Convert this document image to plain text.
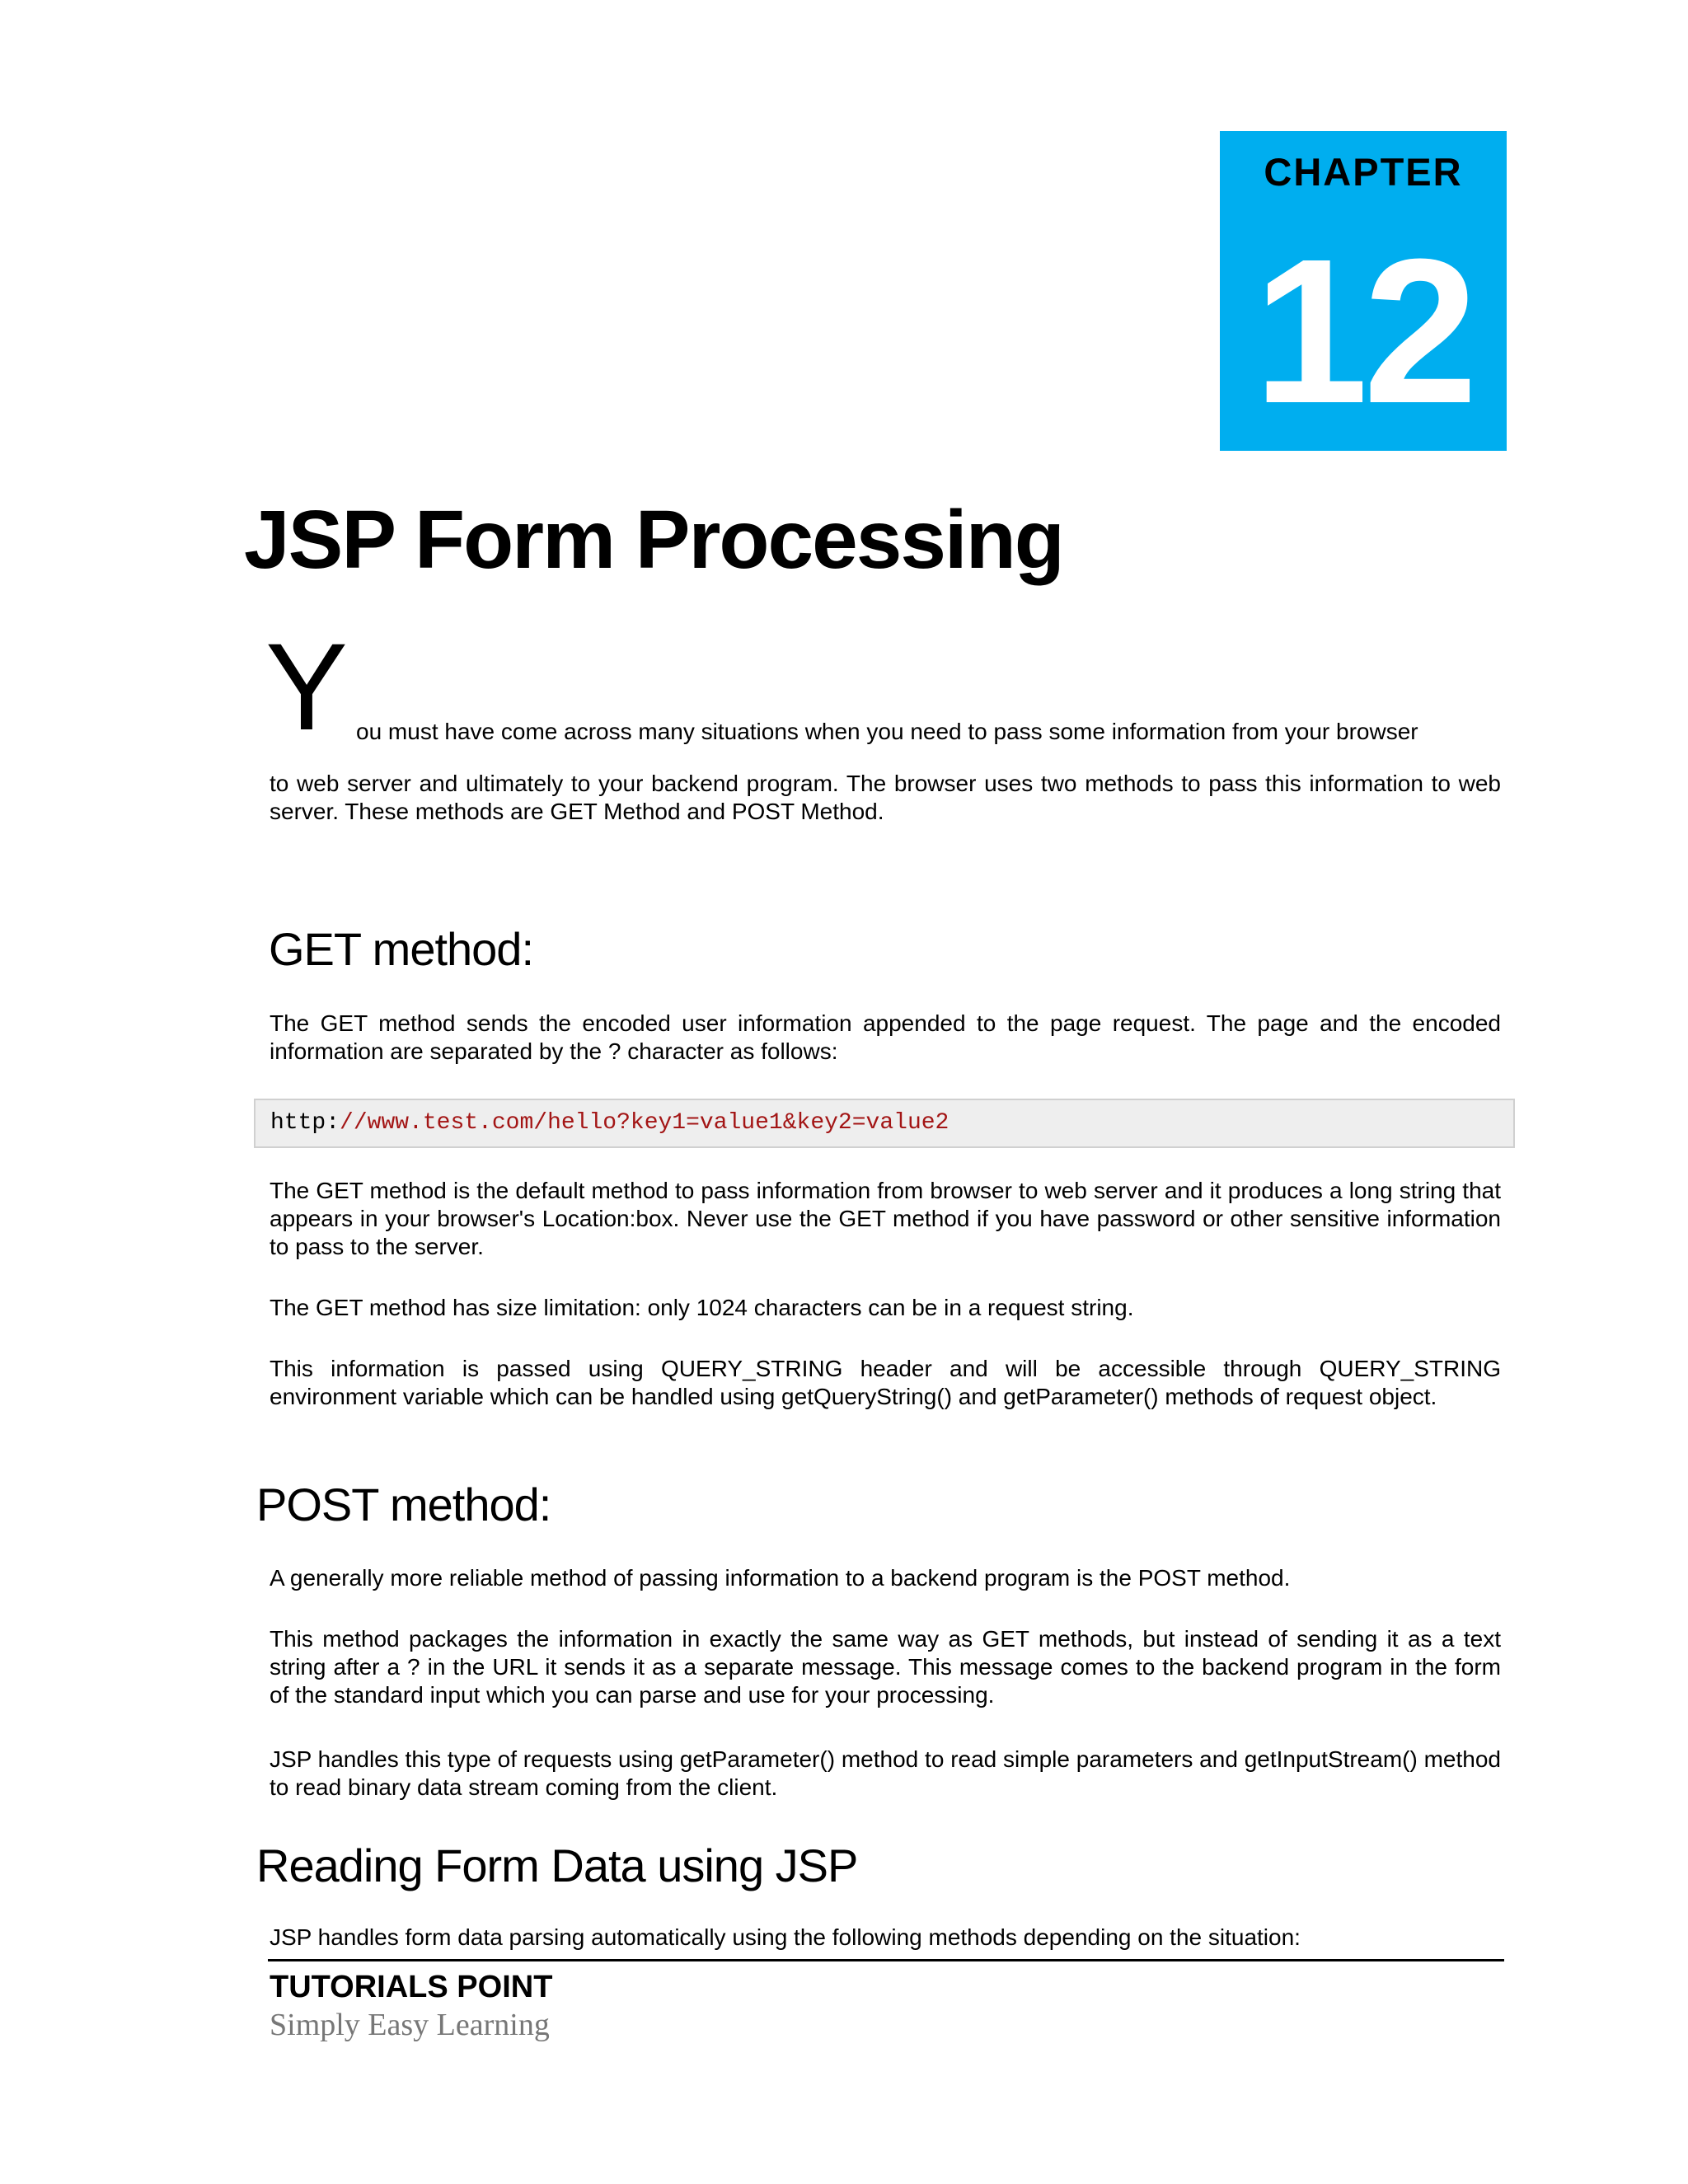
CHAPTER
12
JSP Form Processing
Y ou must have come across many situations when you need to pass some information from your browser

to web server and ultimately to your backend program. The browser uses two methods to pass this information to web server. These methods are GET Method and POST Method.

GET method:

The GET method sends the encoded user information appended to the page request. The page and the encoded information are separated by the ? character as follows:

http://www.test.com/hello?key1=value1&key2=value2

The GET method is the default method to pass information from browser to web server and it produces a long string that appears in your browser's Location:box. Never use the GET method if you have password or other sensitive information to pass to the server.

The GET method has size limitation: only 1024 characters can be in a request string.

This information is passed using QUERY_STRING header and will be accessible through QUERY_STRING environment variable which can be handled using getQueryString() and getParameter() methods of request object.

POST method:

A generally more reliable method of passing information to a backend program is the POST method.

This method packages the information in exactly the same way as GET methods, but instead of sending it as a text string after a ? in the URL it sends it as a separate message. This message comes to the backend program in the form of the standard input which you can parse and use for your processing.

JSP handles this type of requests using getParameter() method to read simple parameters and getInputStream() method to read binary data stream coming from the client.

Reading Form Data using JSP

JSP handles form data parsing automatically using the following methods depending on the situation:

TUTORIALS POINT
Simply Easy Learning
